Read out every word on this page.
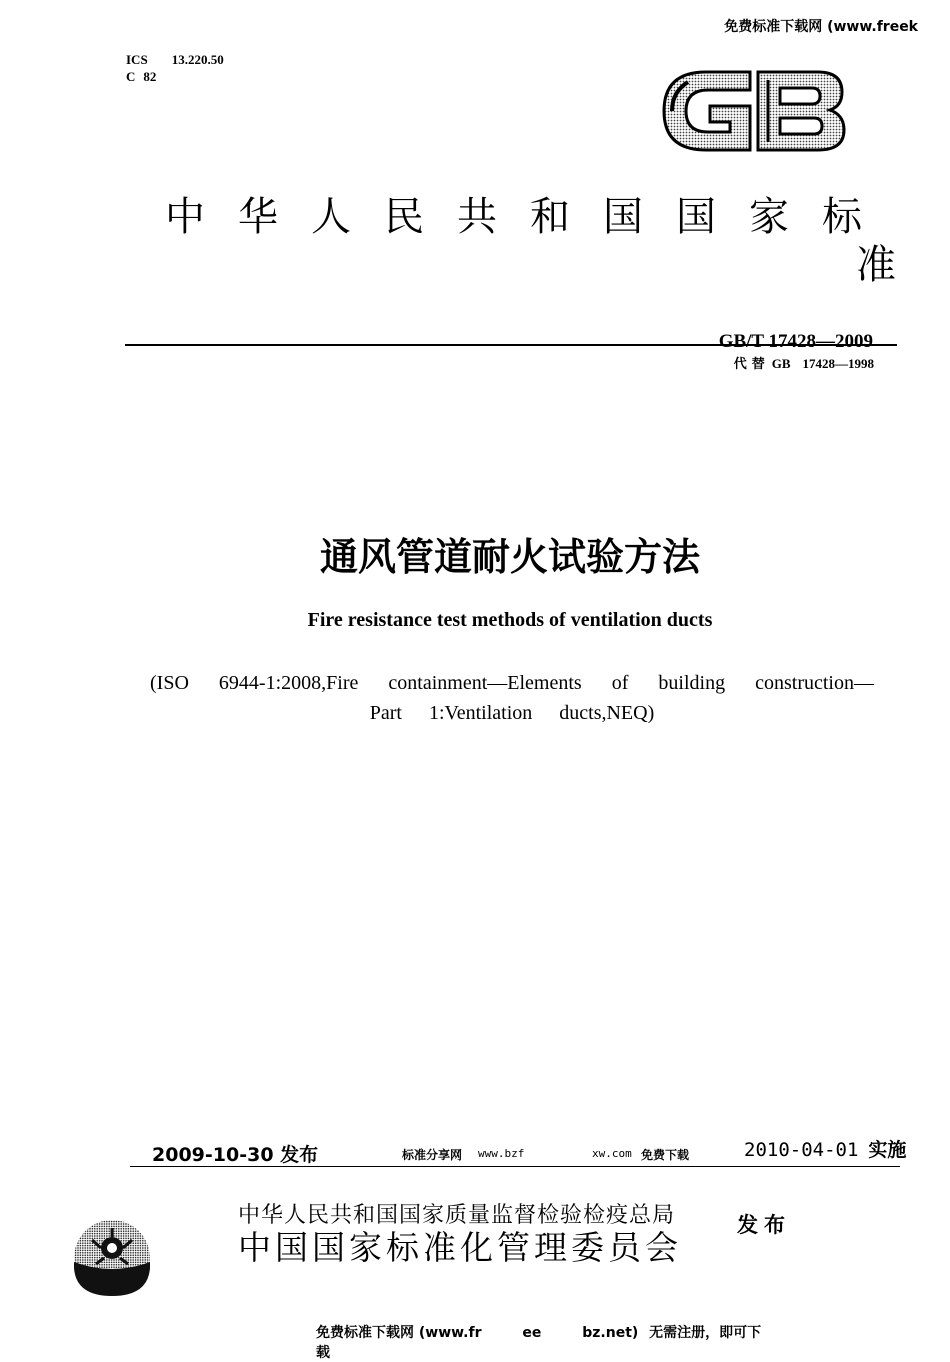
免费标准下载网 (www.freek
ICS 13.220.50
C 82
中华人民共和国国家标
准
GB/T 17428—2009
代替 GB 17428—1998
通风管道耐火试验方法
Fire resistance test methods of ventilation ducts
(ISO 6944-1:2008,Fire containment—Elements of building construction—
Part 1:Ventilation ducts,NEQ)
2009-10-30 发布	标准分享网 www.bzf	xw.com 免费下载	2010-04-01 实施
中华人民共和国国家质量监督检验检疫总局
中国国家标准化管理委员会
发布
免费标准下载网 (www.fr	ee	bz.net) 无需注册，即可下
载
